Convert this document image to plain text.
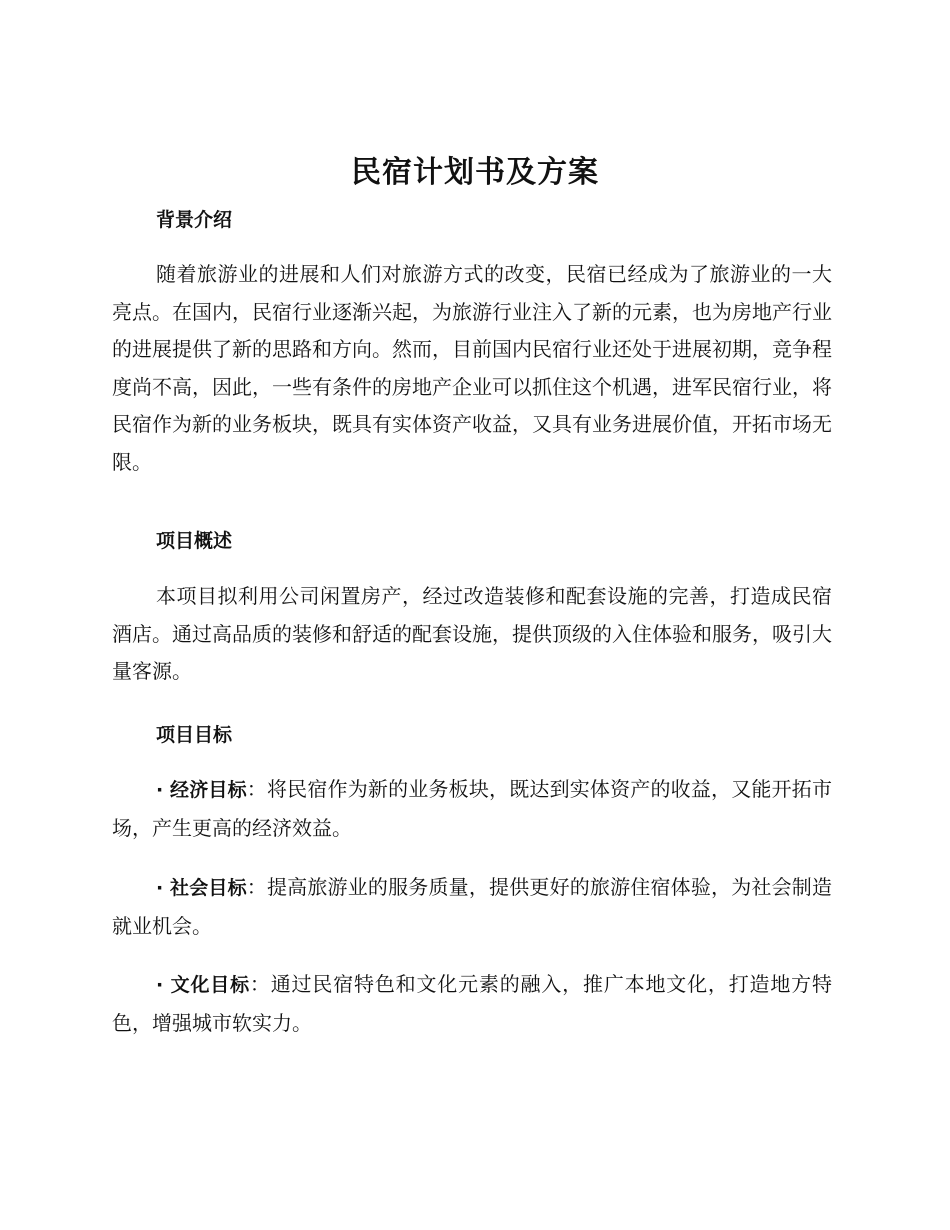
民宿计划书及方案
背景介绍

随着旅游业的进展和人们对旅游方式的改变，民宿已经成为了旅游业的一大亮点。在国内，民宿行业逐渐兴起，为旅游行业注入了新的元素，也为房地产行业的进展提供了新的思路和方向。然而，目前国内民宿行业还处于进展初期，竞争程度尚不高，因此，一些有条件的房地产企业可以抓住这个机遇，进军民宿行业，将民宿作为新的业务板块，既具有实体资产收益，又具有业务进展价值，开拓市场无限。

项目概述

本项目拟利用公司闲置房产，经过改造装修和配套设施的完善，打造成民宿酒店。通过高品质的装修和舒适的配套设施，提供顶级的入住体验和服务，吸引大量客源。

项目目标

· 经济目标：将民宿作为新的业务板块，既达到实体资产的收益，又能开拓市场，产生更高的经济效益。

· 社会目标：提高旅游业的服务质量，提供更好的旅游住宿体验，为社会制造就业机会。

· 文化目标：通过民宿特色和文化元素的融入，推广本地文化，打造地方特色，增强城市软实力。
